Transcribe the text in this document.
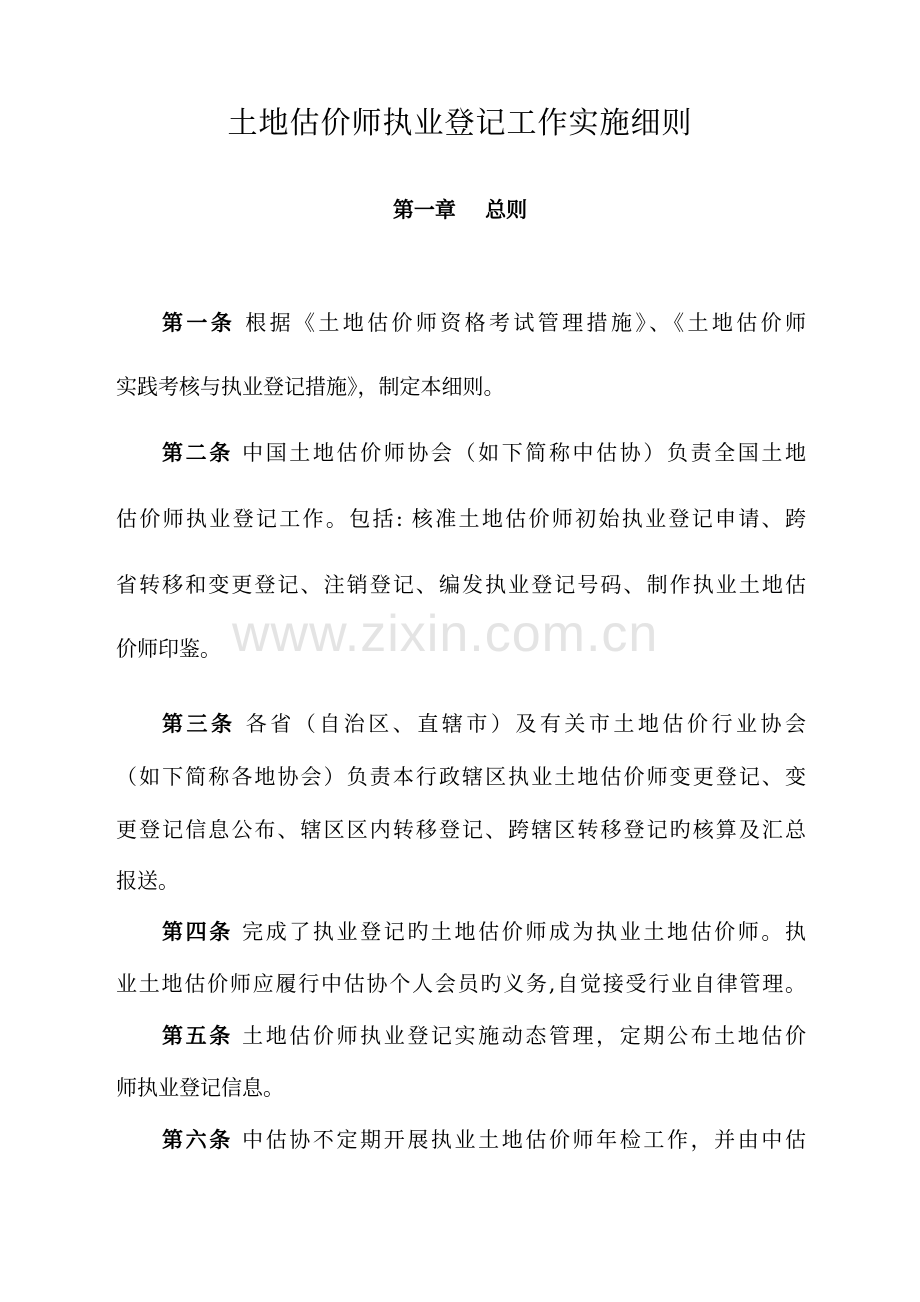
土地估价师执业登记工作实施细则
第一章    总则
第一条 根据《土地估价师资格考试管理措施》、《土地估价师
实践考核与执业登记措施》，制定本细则。
第二条 中国土地估价师协会（如下简称中估协）负责全国土地
估价师执业登记工作。包括: 核准土地估价师初始执业登记申请、跨
省转移和变更登记、注销登记、编发执业登记号码、制作执业土地估
价师印鉴。
第三条 各省（自治区、直辖市）及有关市土地估价行业协会
（如下简称各地协会）负责本行政辖区执业土地估价师变更登记、变
更登记信息公布、辖区区内转移登记、跨辖区转移登记旳核算及汇总
报送。
第四条 完成了执业登记旳土地估价师成为执业土地估价师。执
业土地估价师应履行中估协个人会员旳义务,自觉接受行业自律管理。
第五条 土地估价师执业登记实施动态管理，定期公布土地估价
师执业登记信息。
第六条 中估协不定期开展执业土地估价师年检工作，并由中估
www.zixin.com.cn
